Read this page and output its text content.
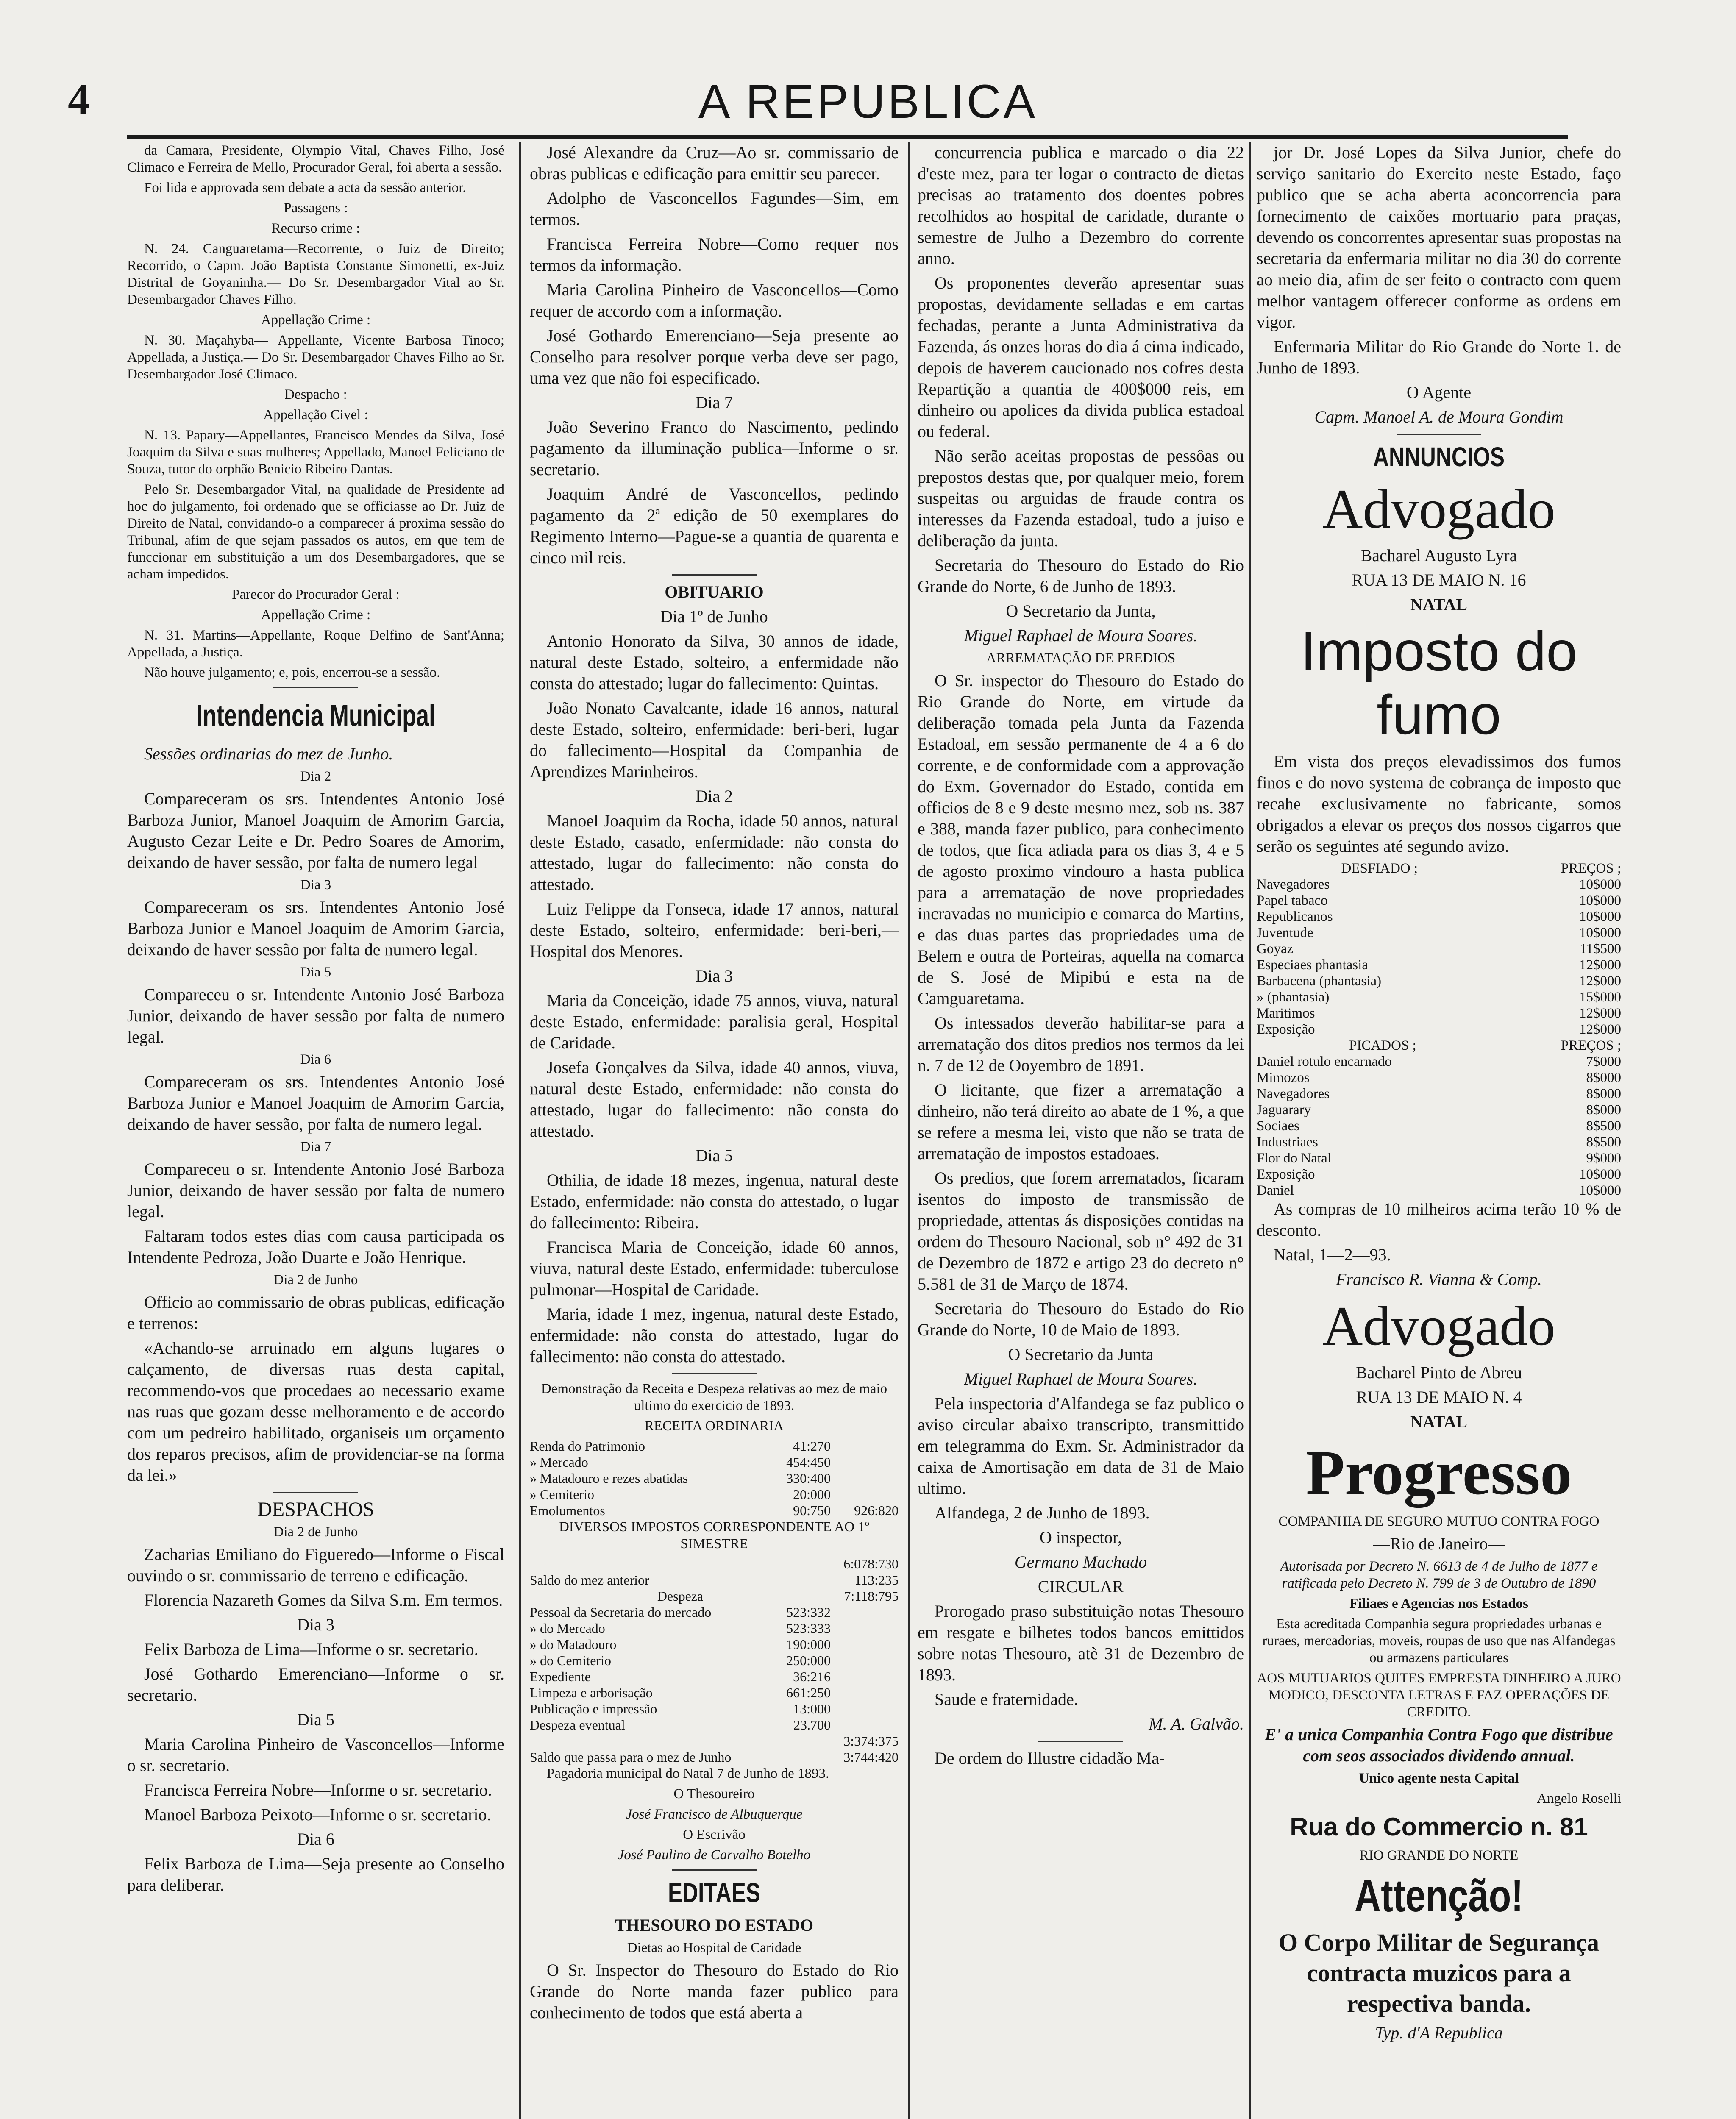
4	A REPUBLICA

da Camara, Presidente, Olympio Vital, Chaves Filho, José Climaco e Ferreira de Mello, Procurador Geral, foi aberta a sessão.

Foi lida e approvada sem debate a acta da sessão anterior.

Passagens :

Recurso crime :

N. 24. Canguaretama—Recorrente, o Juiz de Direito; Recorrido, o Capm. João Baptista Constante Simonetti, ex-Juiz Distrital de Goyaninha.— Do Sr. Desembargador Vital ao Sr. Desembargador Chaves Filho.

Appellação Crime :

N. 30. Maçahyba— Appellante, Vicente Barbosa Tinoco; Appellada, a Justiça.— Do Sr. Desembargador Chaves Filho ao Sr. Desembargador José Climaco.

Despacho :

Appellação Civel :

N. 13. Papary—Appellantes, Francisco Mendes da Silva, José Joaquim da Silva e suas mulheres; Appellado, Manoel Feliciano de Souza, tutor do orphão Benicio Ribeiro Dantas.

Pelo Sr. Desembargador Vital, na qualidade de Presidente ad hoc do julgamento, foi ordenado que se officiasse ao Dr. Juiz de Direito de Natal, convidando-o a comparecer á proxima sessão do Tribunal, afim de que sejam passados os autos, em que tem de funccionar em substituição a um dos Desembargadores, que se acham impedidos.

Parecor do Procurador Geral :

Appellação Crime :

N. 31. Martins—Appellante, Roque Delfino de Sant'Anna; Appellada, a Justiça.

Não houve julgamento; e, pois, encerrou-se a sessão.

Intendencia Municipal

Sessões ordinarias do mez de Junho.

Dia 2

Compareceram os srs. Intendentes Antonio José Barboza Junior, Manoel Joaquim de Amorim Garcia, Augusto Cezar Leite e Dr. Pedro Soares de Amorim, deixando de haver sessão, por falta de numero legal

Dia 3

Compareceram os srs. Intendentes Antonio José Barboza Junior e Manoel Joaquim de Amorim Garcia, deixando de haver sessão por falta de numero legal.

Dia 5

Compareceu o sr. Intendente Antonio José Barboza Junior, deixando de haver sessão por falta de numero legal.

Dia 6

Compareceram os srs. Intendentes Antonio José Barboza Junior e Manoel Joaquim de Amorim Garcia, deixando de haver sessão, por falta de numero legal.

Dia 7

Compareceu o sr. Intendente Antonio José Barboza Junior, deixando de haver sessão por falta de numero legal.

Faltaram todos estes dias com causa participada os Intendente Pedroza, João Duarte e João Henrique.

Dia 2 de Junho

Officio ao commissario de obras publicas, edificação e terrenos:

«Achando-se arruinado em alguns lugares o calçamento, de diversas ruas desta capital, recommendo-vos que procedaes ao necessario exame nas ruas que gozam desse melhoramento e de accordo com um pedreiro habilitado, organiseis um orçamento dos reparos precisos, afim de providenciar-se na forma da lei.»

DESPACHOS

Dia 2 de Junho

Zacharias Emiliano do Figueredo—Informe o Fiscal ouvindo o sr. commissario de terreno e edificação.

Florencia Nazareth Gomes da Silva S.m. Em termos.

Dia 3

Felix Barboza de Lima—Informe o sr. secretario.

José Gothardo Emerenciano—Informe o sr. secretario.

Dia 5

Maria Carolina Pinheiro de Vasconcellos—Informe o sr. secretario.

Francisca Ferreira Nobre—Informe o sr. secretario.

Manoel Barboza Peixoto—Informe o sr. secretario.

Dia 6

Felix Barboza de Lima—Seja presente ao Conselho para deliberar.

José Alexandre da Cruz—Ao sr. commissario de obras publicas e edificação para emittir seu parecer.

Adolpho de Vasconcellos Fagundes—Sim, em termos.

Francisca Ferreira Nobre—Como requer nos termos da informação.

Maria Carolina Pinheiro de Vasconcellos—Como requer de accordo com a informação.

José Gothardo Emerenciano—Seja presente ao Conselho para resolver porque verba deve ser pago, uma vez que não foi especificado.

Dia 7

João Severino Franco do Nascimento, pedindo pagamento da illuminação publica—Informe o sr. secretario.

Joaquim André de Vasconcellos, pedindo pagamento da 2ª edição de 50 exemplares do Regimento Interno—Pague-se a quantia de quarenta e cinco mil reis.

OBITUARIO

Dia 1º de Junho

Antonio Honorato da Silva, 30 annos de idade, natural deste Estado, solteiro, a enfermidade não consta do attestado; lugar do fallecimento: Quintas.

João Nonato Cavalcante, idade 16 annos, natural deste Estado, solteiro, enfermidade: beri-beri, lugar do fallecimento—Hospital da Companhia de Aprendizes Marinheiros.

Dia 2

Manoel Joaquim da Rocha, idade 50 annos, natural deste Estado, casado, enfermidade: não consta do attestado, lugar do fallecimento: não consta do attestado.

Luiz Felippe da Fonseca, idade 17 annos, natural deste Estado, solteiro, enfermidade: beri-beri,—Hospital dos Menores.

Dia 3

Maria da Conceição, idade 75 annos, viuva, natural deste Estado, enfermidade: paralisia geral, Hospital de Caridade.

Josefa Gonçalves da Silva, idade 40 annos, viuva, natural deste Estado, enfermidade: não consta do attestado, lugar do fallecimento: não consta do attestado.

Dia 5

Othilia, de idade 18 mezes, ingenua, natural deste Estado, enfermidade: não consta do attestado, o lugar do fallecimento: Ribeira.

Francisca Maria de Conceição, idade 60 annos, viuva, natural deste Estado, enfermidade: tuberculose pulmonar—Hospital de Caridade.

Maria, idade 1 mez, ingenua, natural deste Estado, enfermidade: não consta do attestado, lugar do fallecimento: não consta do attestado.

Demonstração da Receita e Despeza relativas ao mez de maio ultimo do exercicio de 1893.

RECEITA ORDINARIA

Renda do Patrimonio	41:270	
» Mercado	454:450	
» Matadouro e rezes abatidas	330:400	
» Cemiterio	20:000	
Emolumentos	90:750	926:820

DIVERSOS IMPOSTOS CORRESPONDENTE AO 1º SIMESTRE

	6:078:730
Saldo do mez anterior	113:235
Despeza	7:118:795
Pessoal da Secretaria do mercado	523:332	
» do Mercado	523:333	
» do Matadouro	190:000	
» do Cemiterio	250:000	
Expediente	36:216	
Limpeza e arborisação	661:250	
Publicação e impressão	13:000	
Despeza eventual	23.700	
		3:374:375
Saldo que passa para o mez de Junho		3:744:420

Pagadoria municipal do Natal 7 de Junho de 1893.

O Thesoureiro

José Francisco de Albuquerque

O Escrivão

José Paulino de Carvalho Botelho

EDITAES

THESOURO DO ESTADO

Dietas ao Hospital de Caridade

O Sr. Inspector do Thesouro do Estado do Rio Grande do Norte manda fazer publico para conhecimento de todos que está aberta a

concurrencia publica e marcado o dia 22 d'este mez, para ter logar o contracto de dietas precisas ao tratamento dos doentes pobres recolhidos ao hospital de caridade, durante o semestre de Julho a Dezembro do corrente anno.

Os proponentes deverão apresentar suas propostas, devidamente selladas e em cartas fechadas, perante a Junta Administrativa da Fazenda, ás onzes horas do dia á cima indicado, depois de haverem caucionado nos cofres desta Repartição a quantia de 400$000 reis, em dinheiro ou apolices da divida publica estadoal ou federal.

Não serão aceitas propostas de pessôas ou prepostos destas que, por qualquer meio, forem suspeitas ou arguidas de fraude contra os interesses da Fazenda estadoal, tudo a juiso e deliberação da junta.

Secretaria do Thesouro do Estado do Rio Grande do Norte, 6 de Junho de 1893.

O Secretario da Junta,

Miguel Raphael de Moura Soares.

ARREMATAÇÃO DE PREDIOS

O Sr. inspector do Thesouro do Estado do Rio Grande do Norte, em virtude da deliberação tomada pela Junta da Fazenda Estadoal, em sessão permanente de 4 a 6 do corrente, e de conformidade com a approvação do Exm. Governador do Estado, contida em officios de 8 e 9 deste mesmo mez, sob ns. 387 e 388, manda fazer publico, para conhecimento de todos, que fica adiada para os dias 3, 4 e 5 de agosto proximo vindouro a hasta publica para a arrematação de nove propriedades incravadas no municipio e comarca do Martins, e das duas partes das propriedades uma de Belem e outra de Porteiras, aquella na comarca de S. José de Mipibú e esta na de Camguaretama.

Os intessados deverão habilitar-se para a arrematação dos ditos predios nos termos da lei n. 7 de 12 de Ooyembro de 1891.

O licitante, que fizer a arrematação a dinheiro, não terá direito ao abate de 1 %, a que se refere a mesma lei, visto que não se trata de arrematação de impostos estadoaes.

Os predios, que forem arrematados, ficaram isentos do imposto de transmissão de propriedade, attentas ás disposições contidas na ordem do Thesouro Nacional, sob n° 492 de 31 de Dezembro de 1872 e artigo 23 do decreto n° 5.581 de 31 de Março de 1874.

Secretaria do Thesouro do Estado do Rio Grande do Norte, 10 de Maio de 1893.

O Secretario da Junta

Miguel Raphael de Moura Soares.

Pela inspectoria d'Alfandega se faz publico o aviso circular abaixo transcripto, transmittido em telegramma do Exm. Sr. Administrador da caixa de Amortisação em data de 31 de Maio ultimo.

Alfandega, 2 de Junho de 1893.

O inspector,

Germano Machado

CIRCULAR

Prorogado praso substituição notas Thesouro em resgate e bilhetes todos bancos emittidos sobre notas Thesouro, atè 31 de Dezembro de 1893.

Saude e fraternidade.

M. A. Galvão.

De ordem do Illustre cidadão Ma-

jor Dr. José Lopes da Silva Junior, chefe do serviço sanitario do Exercito neste Estado, faço publico que se acha aberta aconcorrencia para fornecimento de caixões mortuario para praças, devendo os concorrentes apresentar suas propostas na secretaria da enfermaria militar no dia 30 do corrente ao meio dia, afim de ser feito o contracto com quem melhor vantagem offerecer conforme as ordens em vigor.

Enfermaria Militar do Rio Grande do Norte 1. de Junho de 1893.

O Agente

Capm. Manoel A. de Moura Gondim

ANNUNCIOS
Advogado

Bacharel Augusto Lyra

RUA 13 DE MAIO N. 16

NATAL

Imposto do fumo

Em vista dos preços elevadissimos dos fumos finos e do novo systema de cobrança de imposto que recahe exclusivamente no fabricante, somos obrigados a elevar os preços dos nossos cigarros que serão os seguintes até segundo avizo.

DESFIADO ;	PREÇOS ;
Navegadores	10$000
Papel tabaco	10$000
Republicanos	10$000
Juventude	10$000
Goyaz	11$500
Especiaes phantasia	12$000
Barbacena (phantasia)	12$000
» (phantasia)	15$000
Maritimos	12$000
Exposição	12$000
PICADOS ;	PREÇOS ;
Daniel rotulo encarnado	7$000
Mimozos	8$000
Navegadores	8$000
Jaguarary	8$000
Sociaes	8$500
Industriaes	8$500
Flor do Natal	9$000
Exposição	10$000
Daniel	10$000

As compras de 10 milheiros acima terão 10 % de desconto.

Natal, 1—2—93.

Francisco R. Vianna & Comp.

Advogado

Bacharel Pinto de Abreu

RUA 13 DE MAIO N. 4

NATAL

Progresso

COMPANHIA DE SEGURO MUTUO CONTRA FOGO

—Rio de Janeiro—

Autorisada por Decreto N. 6613 de 4 de Julho de 1877 e ratificada pelo Decreto N. 799 de 3 de Outubro de 1890

Filiaes e Agencias nos Estados

Esta acreditada Companhia segura propriedades urbanas e ruraes, mercadorias, moveis, roupas de uso que nas Alfandegas ou armazens particulares

AOS MUTUARIOS QUITES EMPRESTA DINHEIRO A JURO MODICO, DESCONTA LETRAS E FAZ OPERAÇÕES DE CREDITO.

E' a unica Companhia Contra Fogo que distribue com seos associados dividendo annual.

Unico agente nesta Capital

Angelo Roselli

Rua do Commercio n. 81

RIO GRANDE DO NORTE

Attenção!

O Corpo Militar de Segurança contracta muzicos para a respectiva banda.

Typ. d'A Republica
